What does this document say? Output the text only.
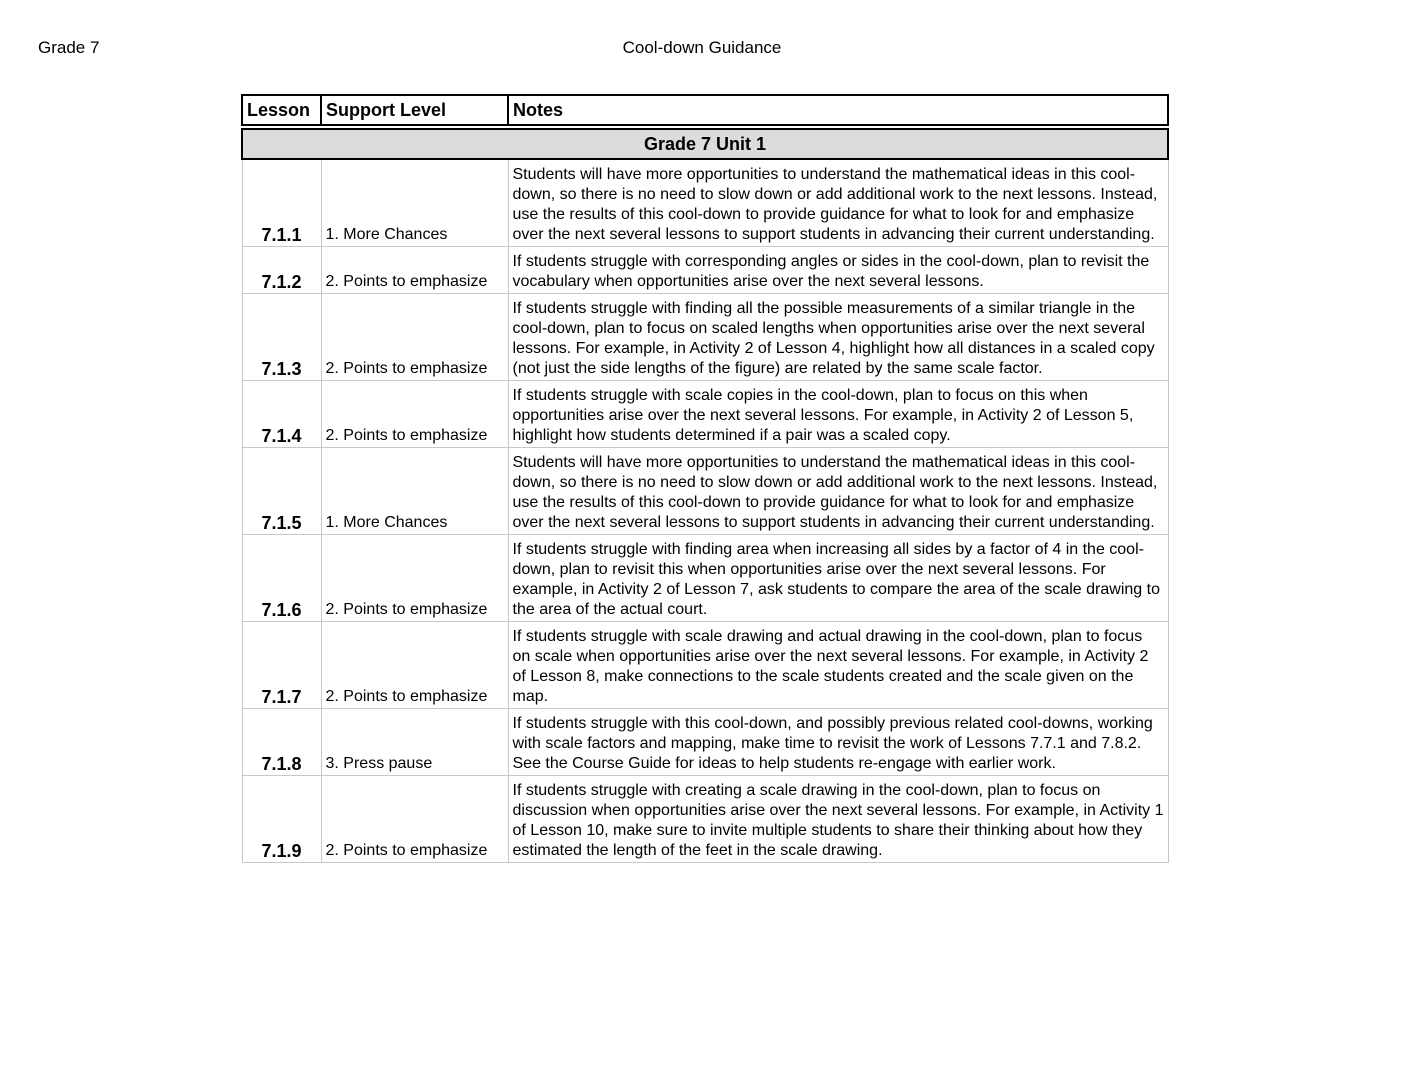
Grade 7	Cool-down Guidance
Lesson	Support Level	Notes

Grade 7 Unit 1		
7.1.1	1. More Chances	Students will have more opportunities to understand the mathematical ideas in this cool-down, so there is no need to slow down or add additional work to the next lessons. Instead, use the results of this cool-down to provide guidance for what to look for and emphasize over the next several lessons to support students in advancing their current understanding.
7.1.2	2. Points to emphasize	If students struggle with corresponding angles or sides in the cool-down, plan to revisit the vocabulary when opportunities arise over the next several lessons.
7.1.3	2. Points to emphasize	If students struggle with finding all the possible measurements of a similar triangle in the cool-down, plan to focus on scaled lengths when opportunities arise over the next several lessons. For example, in Activity 2 of Lesson 4, highlight how all distances in a scaled copy (not just the side lengths of the figure) are related by the same scale factor.
7.1.4	2. Points to emphasize	If students struggle with scale copies in the cool-down, plan to focus on this when opportunities arise over the next several lessons. For example, in Activity 2 of Lesson 5, highlight how students determined if a pair was a scaled copy.
7.1.5	1. More Chances	Students will have more opportunities to understand the mathematical ideas in this cool-down, so there is no need to slow down or add additional work to the next lessons. Instead, use the results of this cool-down to provide guidance for what to look for and emphasize over the next several lessons to support students in advancing their current understanding.
7.1.6	2. Points to emphasize	If students struggle with finding area when increasing all sides by a factor of 4 in the cool-down, plan to revisit this when opportunities arise over the next several lessons. For example, in Activity 2 of Lesson 7, ask students to compare the area of the scale drawing to the area of the actual court.
7.1.7	2. Points to emphasize	If students struggle with scale drawing and actual drawing in the cool-down, plan to focus on scale when opportunities arise over the next several lessons. For example, in Activity 2 of Lesson 8, make connections to the scale students created and the scale given on the map.
7.1.8	3. Press pause	If students struggle with this cool-down, and possibly previous related cool-downs, working with scale factors and mapping, make time to revisit the work of Lessons 7.7.1 and 7.8.2. See the Course Guide for ideas to help students re-engage with earlier work.
7.1.9	2. Points to emphasize	If students struggle with creating a scale drawing in the cool-down, plan to focus on discussion when opportunities arise over the next several lessons. For example, in Activity 1 of Lesson 10, make sure to invite multiple students to share their thinking about how they estimated the length of the feet in the scale drawing.
